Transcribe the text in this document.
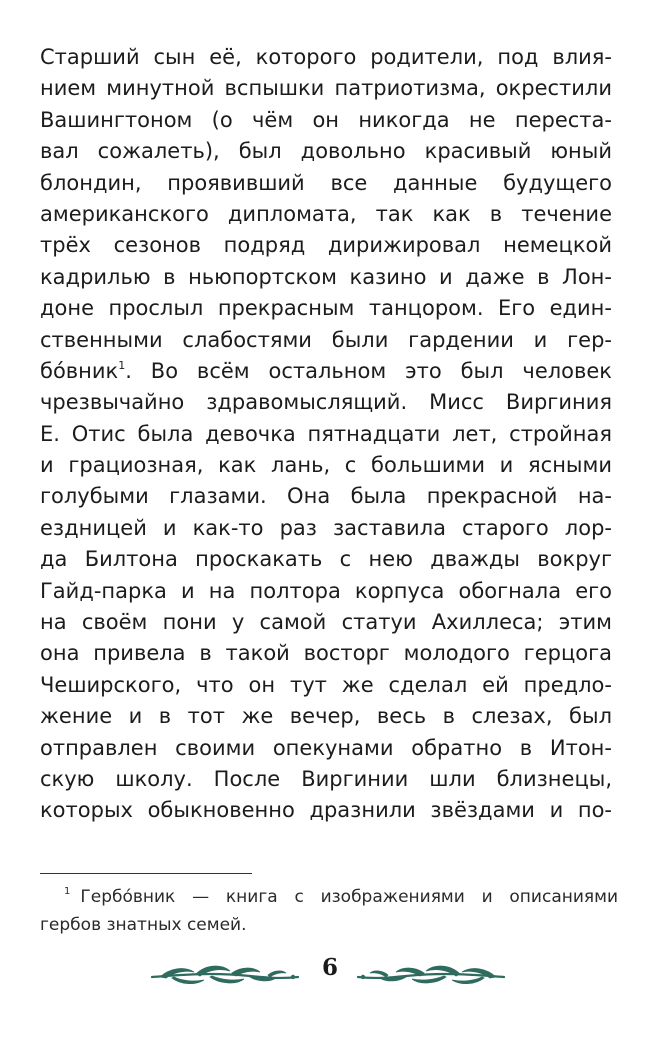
Старший сын её, которого родители, под влия-
нием минутной вспышки патриотизма, окрестили
Вашингтоном (о чём он никогда не переста-
вал сожалеть), был довольно красивый юный
блондин, проявивший все данные будущего
американского дипломата, так как в течение
трёх сезонов подряд дирижировал немецкой
кадрилью в ньюпортском казино и даже в Лон-
доне прослыл прекрасным танцором. Его един-
ственными слабостями были гардении и гер-
бо́вник$^1$. Во всём остальном это был человек
чрезвычайно здравомыслящий. Мисс Виргиния
Е. Отис была девочка пятнадцати лет, стройная
и грациозная, как лань, с большими и ясными
голубыми глазами. Она была прекрасной на-
ездницей и как-то раз заставила старого лор-
да Билтона проскакать с нею дважды вокруг
Гайд-парка и на полтора корпуса обогнала его
на своём пони у самой статуи Ахиллеса; этим
она привела в такой восторг молодого герцога
Чеширского, что он тут же сделал ей предло-
жение и в тот же вечер, весь в слезах, был
отправлен своими опекунами обратно в Итон-
скую школу. После Виргинии шли близнецы,
которых обыкновенно дразнили звёздами и по-
$^1$ Гербо́вник — книга с изображениями и описаниями
гербов знатных семей.
6
